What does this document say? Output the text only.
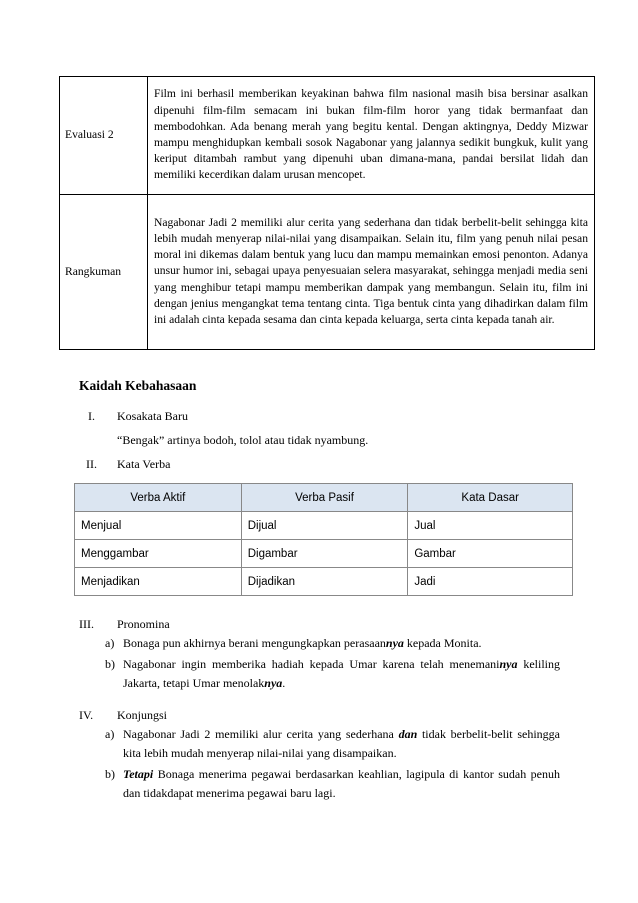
Evaluasi 2	Film ini berhasil memberikan keyakinan bahwa film nasional masih bisa bersinar asalkan dipenuhi film-film semacam ini bukan film-film horor yang tidak bermanfaat dan membodohkan. Ada benang merah yang begitu kental. Dengan aktingnya, Deddy Mizwar mampu menghidupkan kembali sosok Nagabonar yang jalannya sedikit bungkuk, kulit yang keriput ditambah rambut yang dipenuhi uban dimana-mana, pandai bersilat lidah dan memiliki kecerdikan dalam urusan mencopet.
Rangkuman	Nagabonar Jadi 2 memiliki alur cerita yang sederhana dan tidak berbelit-belit sehingga kita lebih mudah menyerap nilai-nilai yang disampaikan. Selain itu, film yang penuh nilai pesan moral ini dikemas dalam bentuk yang lucu dan mampu memainkan emosi penonton. Adanya unsur humor ini, sebagai upaya penyesuaian selera masyarakat, sehingga menjadi media seni yang menghibur tetapi mampu memberikan dampak yang membangun. Selain itu, film ini dengan jenius mengangkat tema tentang cinta. Tiga bentuk cinta yang dihadirkan dalam film ini adalah cinta kepada sesama dan cinta kepada keluarga, serta cinta kepada tanah air.
Kaidah Kebahasaan
I. Kosakata Baru
“Bengak” artinya bodoh, tolol atau tidak nyambung.
II. Kata Verba
Verba Aktif	Verba Pasif	Kata Dasar
Menjual	Dijual	Jual
Menggambar	Digambar	Gambar
Menjadikan	Dijadikan	Jadi
III. Pronomina
a) Bonaga pun akhirnya berani mengungkapkan perasaannya kepada Monita.
b) Nagabonar ingin memberika hadiah kepada Umar karena telah menemaninya keliling Jakarta, tetapi Umar menolaknya.
IV. Konjungsi
a) Nagabonar Jadi 2 memiliki alur cerita yang sederhana dan tidak berbelit-belit sehingga kita lebih mudah menyerap nilai-nilai yang disampaikan.
b) Tetapi Bonaga menerima pegawai berdasarkan keahlian, lagipula di kantor sudah penuh dan tidakdapat menerima pegawai baru lagi.
